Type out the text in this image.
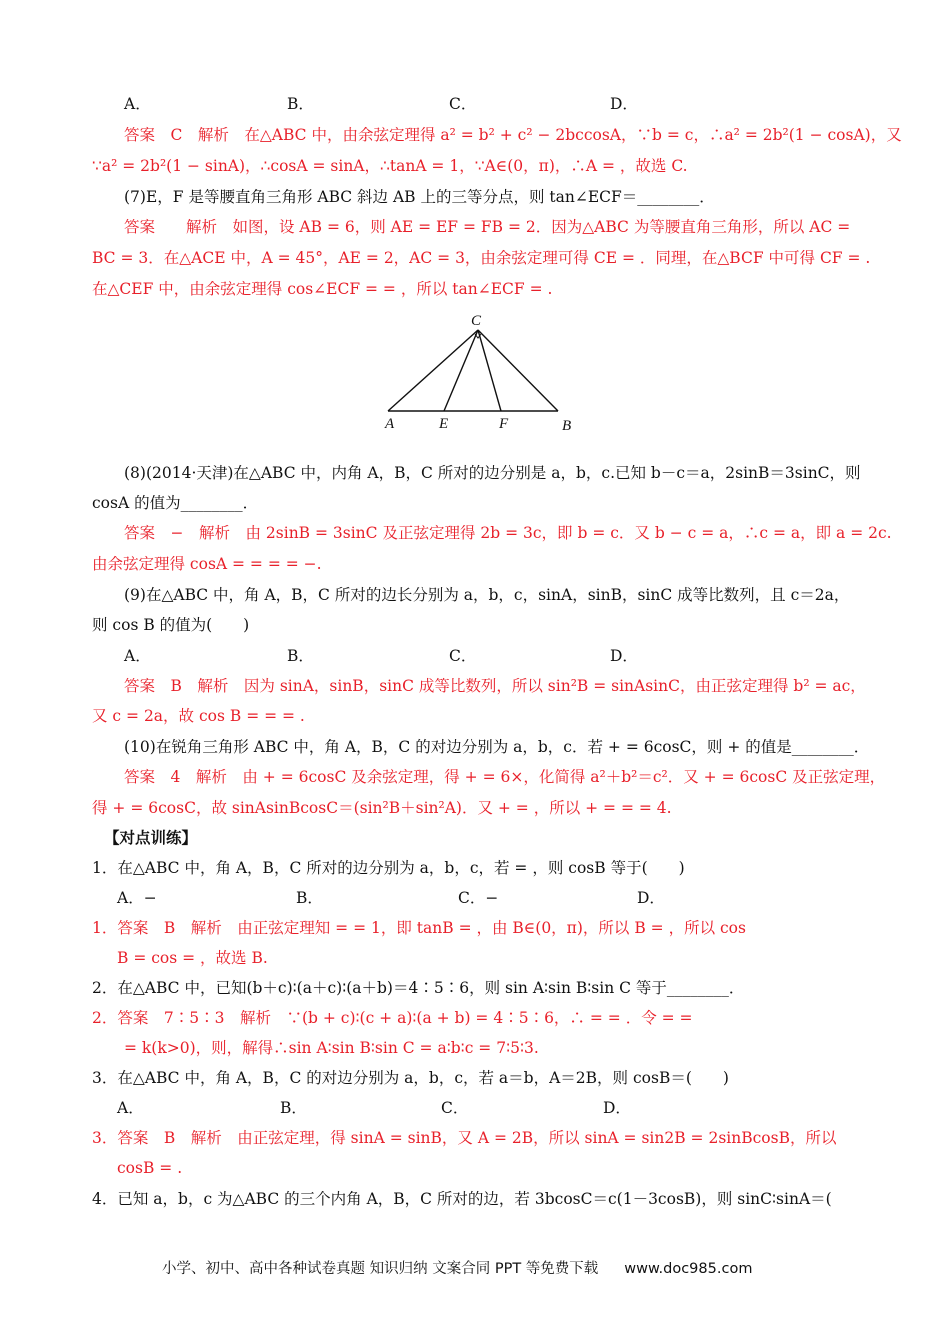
A．	B．	C．	D．
答案　C　解析　在△ABC 中，由余弦定理得 a² = b² + c² − 2bccosA，∵b = c，∴a² = 2b²(1 − cosA)，又
∵a² = 2b²(1 − sinA)，∴cosA = sinA，∴tanA = 1，∵A∈(0，π)，∴A = ，故选 C.
(7)E，F 是等腰直角三角形 ABC 斜边 AB 上的三等分点，则 tan∠ECF＝________．
答案　　解析　如图，设 AB = 6，则 AE = EF = FB = 2．因为△ABC 为等腰直角三角形，所以 AC =
BC = 3．在△ACE 中，A = 45°，AE = 2，AC = 3，由余弦定理可得 CE = ．同理，在△BCF 中可得 CF = .
在△CEF 中，由余弦定理得 cos∠ECF = = ，所以 tan∠ECF = .
C
A	E	F	B
(8)(2014·天津)在△ABC 中，内角 A，B，C 所对的边分别是 a，b，c.已知 b－c＝a，2sinB＝3sinC，则
cosA 的值为________．
答案　−　解析　由 2sinB = 3sinC 及正弦定理得 2b = 3c，即 b = c．又 b − c = a，∴c = a，即 a = 2c.
由余弦定理得 cosA = = = = −.
(9)在△ABC 中，角 A，B，C 所对的边长分别为 a，b，c，sinA，sinB，sinC 成等比数列，且 c＝2a，
则 cos B 的值为(　　)
A．	B．	C．	D．
答案　B　解析　因为 sinA，sinB，sinC 成等比数列，所以 sin²B = sinAsinC，由正弦定理得 b² = ac，
又 c = 2a，故 cos B = = = .
(10)在锐角三角形 ABC 中，角 A，B，C 的对边分别为 a，b，c．若 + = 6cosC，则 + 的值是________．
答案　4　解析　由 + = 6cosC 及余弦定理，得 + = 6×，化简得 a²＋b²＝c²．又 + = 6cosC 及正弦定理，
得 + = 6cosC，故 sinAsinBcosC＝(sin²B＋sin²A)．又 + = ，所以 + = = = 4.
【对点训练】
1．在△ABC 中，角 A，B，C 所对的边分别为 a，b，c，若 = ，则 cosB 等于(　　)
A．−	B．	C．−	D．
1．答案　B　解析　由正弦定理知 = = 1，即 tanB = ，由 B∈(0，π)，所以 B = ，所以 cos
B = cos = ，故选 B.
2．在△ABC 中，已知(b＋c)∶(a＋c)∶(a＋b)＝4∶5∶6，则 sin A∶sin B∶sin C 等于________．
2．答案　7∶5∶3　解析　∵(b + c)∶(c + a)∶(a + b) = 4∶5∶6，∴ = = ．令 = =
= k(k>0)，则，解得∴sin A∶sin B∶sin C = a∶b∶c = 7∶5∶3.
3．在△ABC 中，角 A，B，C 的对边分别为 a，b，c，若 a＝b，A＝2B，则 cosB＝(　　)
A．	B．	C．	D．
3．答案　B　解析　由正弦定理，得 sinA = sinB，又 A = 2B，所以 sinA = sin2B = 2sinBcosB，所以
cosB = .
4．已知 a，b，c 为△ABC 的三个内角 A，B，C 所对的边，若 3bcosC＝c(1－3cosB)，则 sinC∶sinA＝(
小学、初中、高中各种试卷真题 知识归纳 文案合同 PPT 等免费下载 www.doc985.com
